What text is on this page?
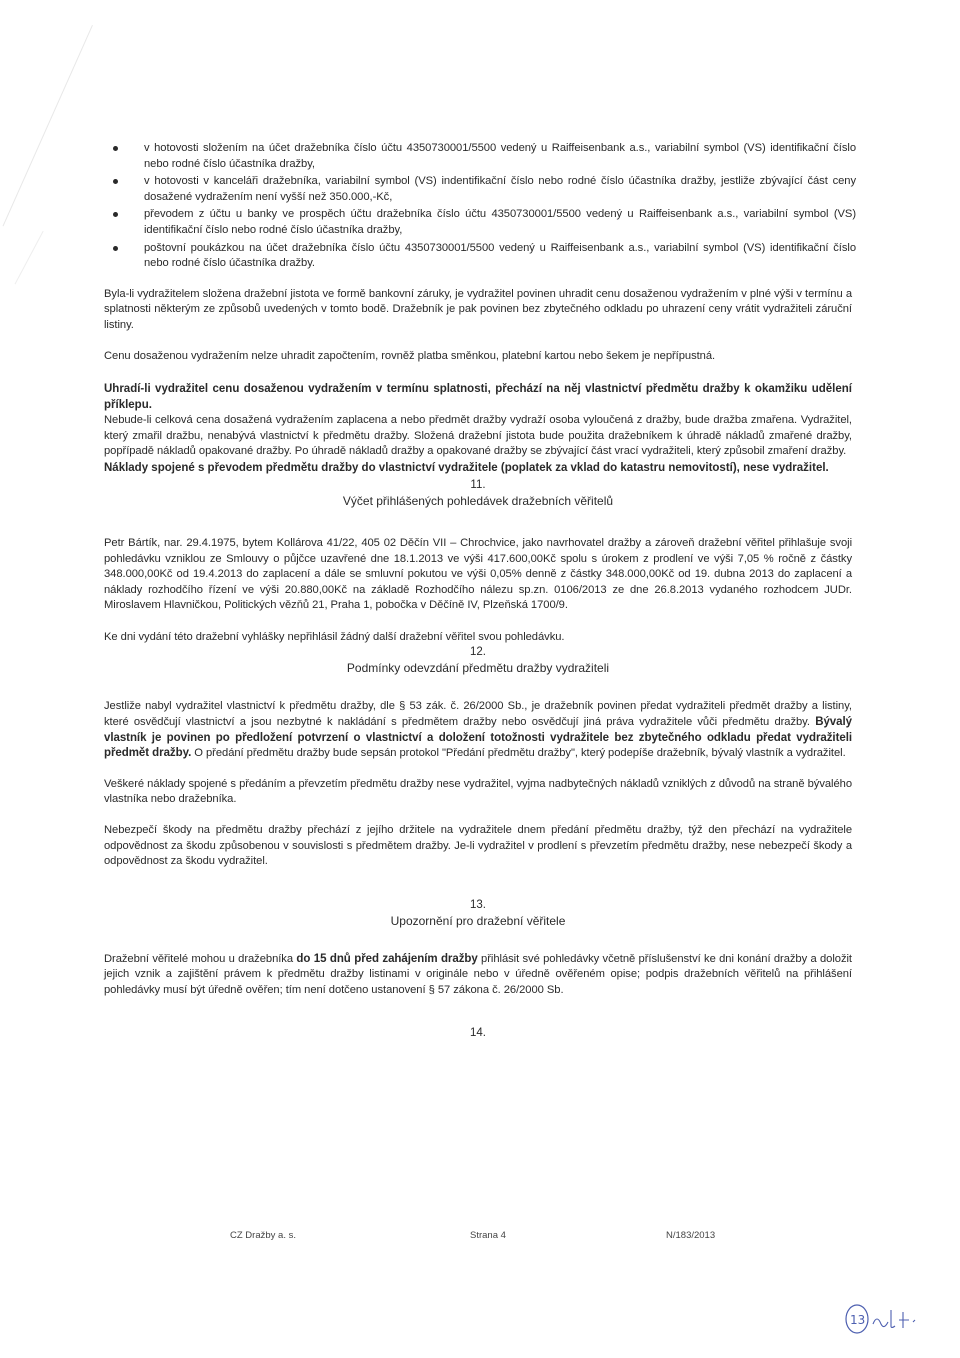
v hotovosti složením na účet dražebníka číslo účtu 4350730001/5500 vedený u Raiffeisenbank a.s., variabilní symbol (VS) identifikační číslo nebo rodné číslo účastníka dražby,

v hotovosti v kanceláři dražebníka, variabilní symbol (VS) indentifikační číslo nebo rodné číslo účastníka dražby, jestliže zbývající část ceny dosažené vydražením není vyšší než 350.000,-Kč,

převodem z účtu u banky ve prospěch účtu dražebníka číslo účtu 4350730001/5500 vedený u Raiffeisenbank a.s., variabilní symbol (VS) identifikační číslo nebo rodné číslo účastníka dražby,

poštovní poukázkou na účet dražebníka číslo účtu 4350730001/5500 vedený u Raiffeisenbank a.s., variabilní symbol (VS) identifikační číslo nebo rodné číslo účastníka dražby.

Byla-li vydražitelem složena dražební jistota ve formě bankovní záruky, je vydražitel povinen uhradit cenu dosaženou vydražením v plné výši v termínu a splatnosti některým ze způsobů uvedených v tomto bodě. Dražebník je pak povinen bez zbytečného odkladu po uhrazení ceny vrátit vydražiteli záruční listiny.

Cenu dosaženou vydražením nelze uhradit započtením, rovněž platba směnkou, platební kartou nebo šekem je nepřípustná.

Uhradí-li vydražitel cenu dosaženou vydražením v termínu splatnosti, přechází na něj vlastnictví předmětu dražby k okamžiku udělení příklepu.

Nebude-li celková cena dosažená vydražením zaplacena a nebo předmět dražby vydraží osoba vyloučená z dražby, bude dražba zmařena. Vydražitel, který zmařil dražbu, nenabývá vlastnictví k předmětu dražby. Složená dražební jistota bude použita dražebníkem k úhradě nákladů zmařené dražby, popřípadě nákladů opakované dražby. Po úhradě nákladů dražby a opakované dražby se zbývající část vrací vydražiteli, který způsobil zmaření dražby.

Náklady spojené s převodem předmětu dražby do vlastnictví vydražitele (poplatek za vklad do katastru nemovitostí), nese vydražitel.

11.

Výčet přihlášených pohledávek dražebních věřitelů

Petr Bártík, nar. 29.4.1975, bytem Kollárova 41/22, 405 02 Děčín VII – Chrochvice, jako navrhovatel dražby a zároveň dražební věřitel přihlašuje svoji pohledávku vzniklou ze Smlouvy o půjčce uzavřené dne 18.1.2013 ve výši 417.600,00Kč spolu s úrokem z prodlení ve výši 7,05 % ročně z částky 348.000,00Kč od 19.4.2013 do zaplacení a dále se smluvní pokutou ve výši 0,05% denně z částky 348.000,00Kč od 19. dubna 2013 do zaplacení a náklady rozhodčího řízení ve výši 20.880,00Kč na základě Rozhodčího nálezu sp.zn. 0106/2013 ze dne 26.8.2013 vydaného rozhodcem JUDr. Miroslavem Hlavničkou, Politických vězňů 21, Praha 1, pobočka v Děčíně IV, Plzeňská 1700/9.

Ke dni vydání této dražební vyhlášky nepřihlásil žádný další dražební věřitel svou pohledávku.

12.

Podmínky odevzdání předmětu dražby vydražiteli

Jestliže nabyl vydražitel vlastnictví k předmětu dražby, dle § 53 zák. č. 26/2000 Sb., je dražebník povinen předat vydražiteli předmět dražby a listiny, které osvědčují vlastnictví a jsou nezbytné k nakládání s předmětem dražby nebo osvědčují jiná práva vydražitele vůči předmětu dražby. Bývalý vlastník je povinen po předložení potvrzení o vlastnictví a doložení totožnosti vydražitele bez zbytečného odkladu předat vydražiteli předmět dražby. O předání předmětu dražby bude sepsán protokol "Předání předmětu dražby", který podepíše dražebník, bývalý vlastník a vydražitel.

Veškeré náklady spojené s předáním a převzetím předmětu dražby nese vydražitel, vyjma nadbytečných nákladů vzniklých z důvodů na straně bývalého vlastníka nebo dražebníka.

Nebezpečí škody na předmětu dražby přechází z jejího držitele na vydražitele dnem předání předmětu dražby, týž den přechází na vydražitele odpovědnost za škodu způsobenou v souvislosti s předmětem dražby. Je-li vydražitel v prodlení s převzetím předmětu dražby, nese nebezpečí škody a odpovědnost za škodu vydražitel.

13.

Upozornění pro dražební věřitele

Dražební věřitelé mohou u dražebníka do 15 dnů před zahájením dražby přihlásit své pohledávky včetně příslušenství ke dni konání dražby a doložit jejich vznik a zajištění právem k předmětu dražby listinami v originále nebo v úředně ověřeném opise; podpis dražebních věřitelů na přihlášení pohledávky musí být úředně ověřen; tím není dotčeno ustanovení § 57 zákona č. 26/2000 Sb.

14.

CZ Dražby a. s.	Strana 4	N/183/2013
13
